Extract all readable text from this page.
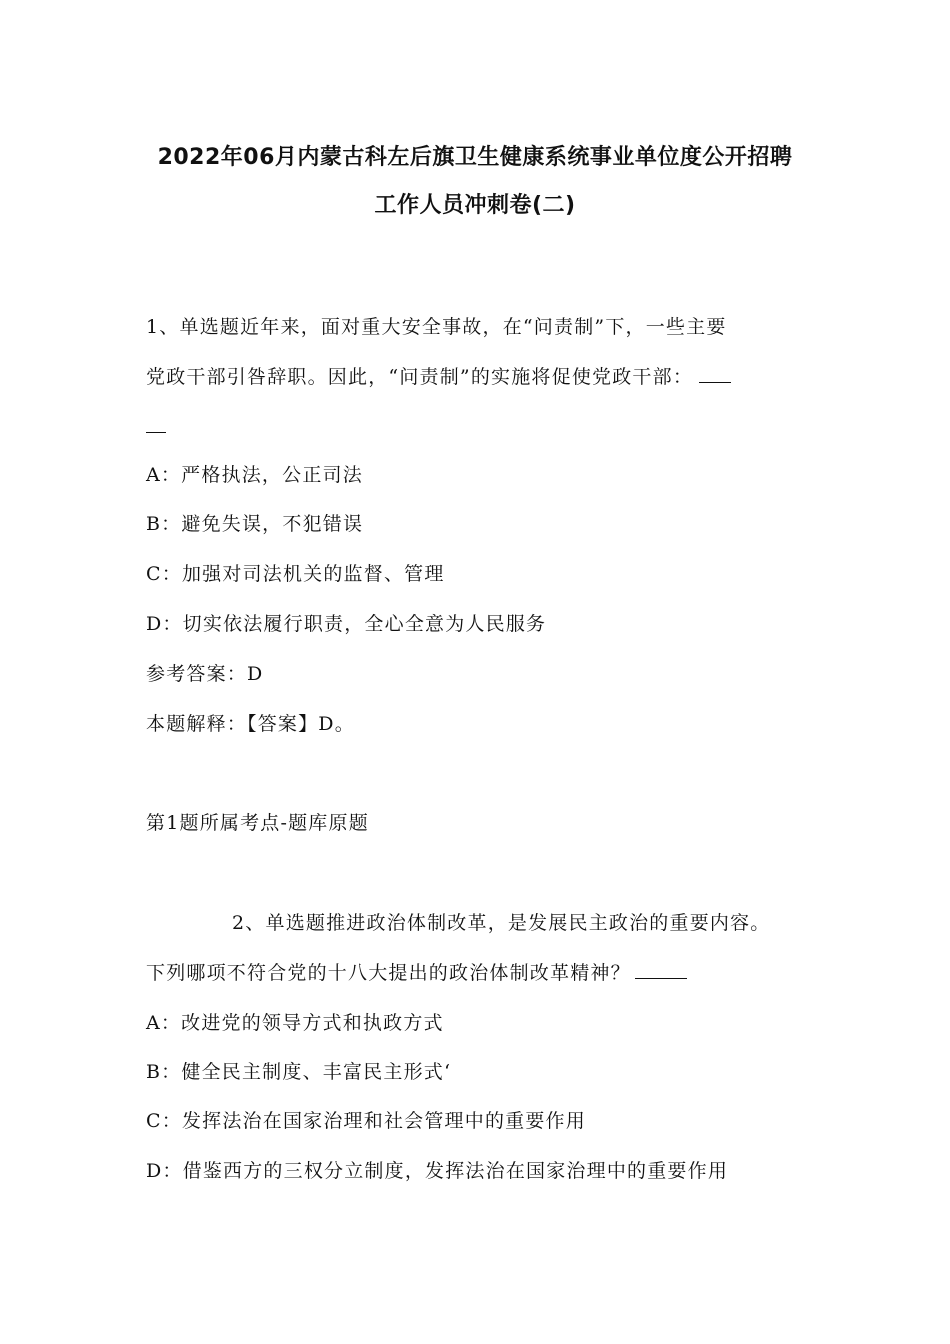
2022年06月内蒙古科左后旗卫生健康系统事业单位度公开招聘
工作人员冲刺卷(二)
1、单选题近年来，面对重大安全事故，在“问责制”下，一些主要
党政干部引咎辞职。因此，“问责制”的实施将促使党政干部：
A：严格执法，公正司法
B：避免失误，不犯错误
C：加强对司法机关的监督、管理
D：切实依法履行职责，全心全意为人民服务
参考答案：D
本题解释：【答案】D。
第1题所属考点-题库原题
2、单选题推进政治体制改革，是发展民主政治的重要内容。
下列哪项不符合党的十八大提出的政治体制改革精神？
A：改进党的领导方式和执政方式
B：健全民主制度、丰富民主形式‘
C：发挥法治在国家治理和社会管理中的重要作用
D：借鉴西方的三权分立制度，发挥法治在国家治理中的重要作用
